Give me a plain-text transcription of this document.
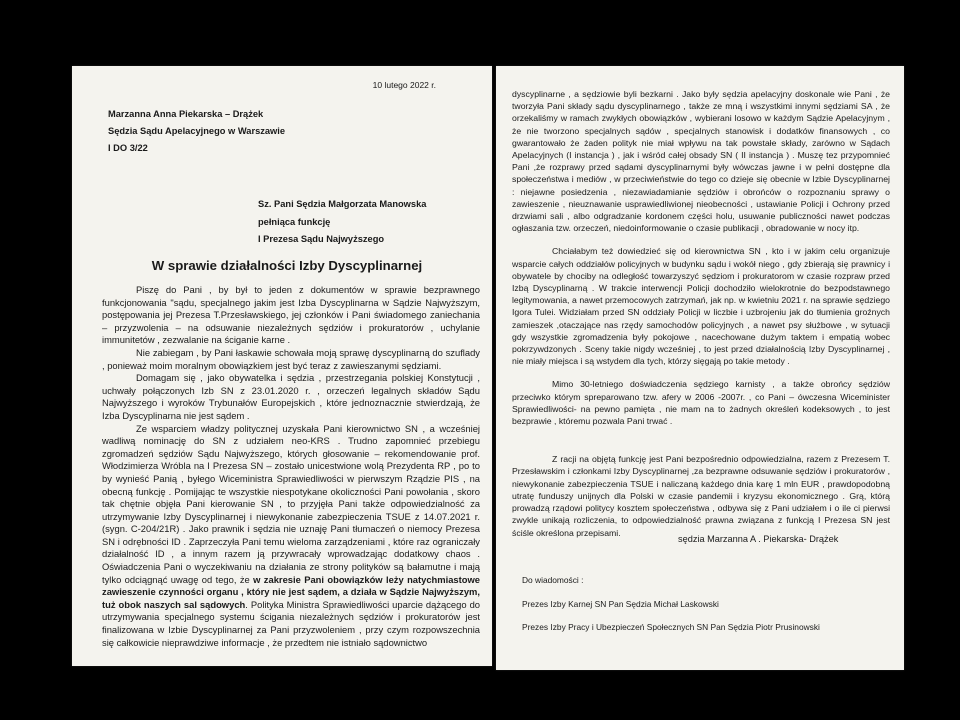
10 lutego 2022 r.
Marzanna Anna Piekarska – Drążek
Sędzia Sądu Apelacyjnego w Warszawie
I DO 3/22
Sz. Pani Sędzia Małgorzata Manowska
pełniąca funkcję
I Prezesa Sądu Najwyższego
W sprawie działalności Izby Dyscyplinarnej

Piszę do Pani , by był to jeden z dokumentów w sprawie bezprawnego funkcjonowania "sądu, specjalnego jakim jest Izba Dyscyplinarna w Sądzie Najwyższym, postępowania jej Prezesa T.Przesławskiego, jej członków i Pani świadomego zaniechania – przyzwolenia – na odsuwanie niezależnych sędziów i prokuratorów , uchylanie immunitetów , zezwalanie na ściganie karne .

Nie zabiegam , by Pani łaskawie schowała moją sprawę dyscyplinarną do szuflady , ponieważ moim moralnym obowiązkiem jest być teraz z zawieszanymi sędziami.

Domagam się , jako obywatelka i sędzia , przestrzegania polskiej Konstytucji , uchwały połączonych Izb SN z 23.01.2020 r. , orzeczeń legalnych składów Sądu Najwyższego i wyroków Trybunałów Europejskich , które jednoznacznie stwierdzają, że Izba Dyscyplinarna nie jest sądem .

Ze wsparciem władzy politycznej uzyskała Pani kierownictwo SN , a wcześniej wadliwą nominację do SN z udziałem neo-KRS . Trudno zapomnieć przebiegu zgromadzeń sędziów Sądu Najwyższego, których głosowanie – rekomendowanie prof. Włodzimierza Wróbla na I Prezesa SN – zostało unicestwione wolą Prezydenta RP , po to by wynieść Panią , byłego Wiceministra Sprawiedliwości w pierwszym Rządzie PIS , na obecną funkcję . Pomijając te wszystkie niespotykane okoliczności Pani powołania , skoro tak chętnie objęła Pani kierowanie SN , to przyjęła Pani także odpowiedzialność za utrzymywanie Izby Dyscyplinarnej i niewykonanie zabezpieczenia TSUE z 14.07.2021 r.(sygn. C-204/21R) . Jako prawnik i sędzia nie uznaję Pani tłumaczeń o niemocy Prezesa SN i odrębności ID . Zaprzeczyła Pani temu wieloma zarządzeniami , które raz ograniczały działalność ID , a innym razem ją przywracały wprowadzając dodatkowy chaos . Oświadczenia Pani o wyczekiwaniu na działania ze strony polityków są bałamutne i mają tylko odciągnąć uwagę od tego, że w zakresie Pani obowiązków leży natychmiastowe zawieszenie czynności organu , który nie jest sądem, a działa w Sądzie Najwyższym, tuż obok naszych sal sądowych. Polityka Ministra Sprawiedliwości uparcie dążącego do utrzymywania specjalnego systemu ścigania niezależnych sędziów i prokuratorów jest finalizowana w Izbie Dyscyplinarnej za Pani przyzwoleniem , przy czym rozpowszechnia się całkowicie nieprawdziwe informacje , że przedtem nie istniało sądownictwo

dyscyplinarne , a sędziowie byli bezkarni . Jako były sędzia apelacyjny doskonale wie Pani , że tworzyła Pani składy sądu dyscyplinarnego , także ze mną i wszystkimi innymi sędziami SA , że orzekaliśmy w ramach zwykłych obowiązków , wybierani losowo w każdym Sądzie Apelacyjnym , że nie tworzono specjalnych sądów , specjalnych stanowisk i dodatków finansowych , co gwarantowało że żaden polityk nie miał wpływu na tak powstałe składy, zarówno w Sądach Apelacyjnych (I instancja ) , jak i wśród całej obsady SN ( II instancja ) . Muszę tez przypomnieć Pani ,że rozprawy przed sądami dyscyplinarnymi były wówczas jawne i w pełni dostępne dla społeczeństwa i mediów , w przeciwieństwie do tego co dzieje się obecnie w Izbie Dyscyplinarnej : niejawne posiedzenia , niezawiadamianie sędziów i obrońców o rozpoznaniu sprawy o zawieszenie , nieuznawanie usprawiedliwionej nieobecności , ustawianie Policji i Ochrony przed drzwiami sali , albo odgradzanie kordonem części holu, usuwanie publiczności nawet podczas ogłaszania tzw. orzeczeń, niedoinformowanie o czasie publikacji , obradowanie w nocy itp.

Chciałabym też dowiedzieć się od kierownictwa SN , kto i w jakim celu organizuje wsparcie całych oddziałów policyjnych w budynku sądu i wokół niego , gdy zbierają się prawnicy i obywatele by chociby na odległość towarzyszyć sędziom i prokuratorom w czasie rozpraw przed Izbą Dyscyplinarną . W trakcie interwencji Policji dochodziło wielokrotnie do bezpodstawnego legitymowania, a nawet przemocowych zatrzymań, jak np. w kwietniu 2021 r. na sprawie sędziego Igora Tulei. Widziałam przed SN oddziały Policji w liczbie i uzbrojeniu jak do tłumienia groźnych zamieszek ,otaczające nas rzędy samochodów policyjnych , a nawet psy służbowe , w sytuacji gdy wszystkie zgromadzenia były pokojowe , nacechowane dużym taktem i empatią wobec pokrzywdzonych . Sceny takie nigdy wcześniej , to jest przed działalnością Izby Dyscyplinarnej , nie miały miejsca i są wstydem dla tych, którzy sięgają po takie metody .

Mimo 30-letniego doświadczenia sędziego karnisty , a także obrońcy sędziów przeciwko którym spreparowano tzw. afery w 2006 -2007r. , co Pani – ówczesna Wiceminister Sprawiedliwości- na pewno pamięta , nie mam na to żadnych określeń kodeksowych , to jest bezprawie , któremu pozwala Pani trwać .

Z racji na objętą funkcję jest Pani bezpośrednio odpowiedzialna, razem z Prezesem T. Przesławskim i członkami Izby Dyscyplinarnej ,za bezprawne odsuwanie sędziów i prokuratorów , niewykonanie zabezpieczenia TSUE i naliczaną każdego dnia karę 1 mln EUR , prawdopodobną utratę funduszy unijnych dla Polski w czasie pandemii i kryzysu ekonomicznego . Grą, którą prowadzą rządowi politycy kosztem społeczeństwa , odbywa się z Pani udziałem i o ile ci pierwsi zwykle unikają rozliczenia, to odpowiedzialność prawna związana z funkcją I Prezesa SN jest ściśle określona przepisami.

sędzia Marzanna A . Piekarska- Drążek
Do wiadomości :
Prezes Izby Karnej SN Pan Sędzia Michał Laskowski
Prezes Izby Pracy i Ubezpieczeń Społecznych SN Pan Sędzia Piotr Prusinowski
